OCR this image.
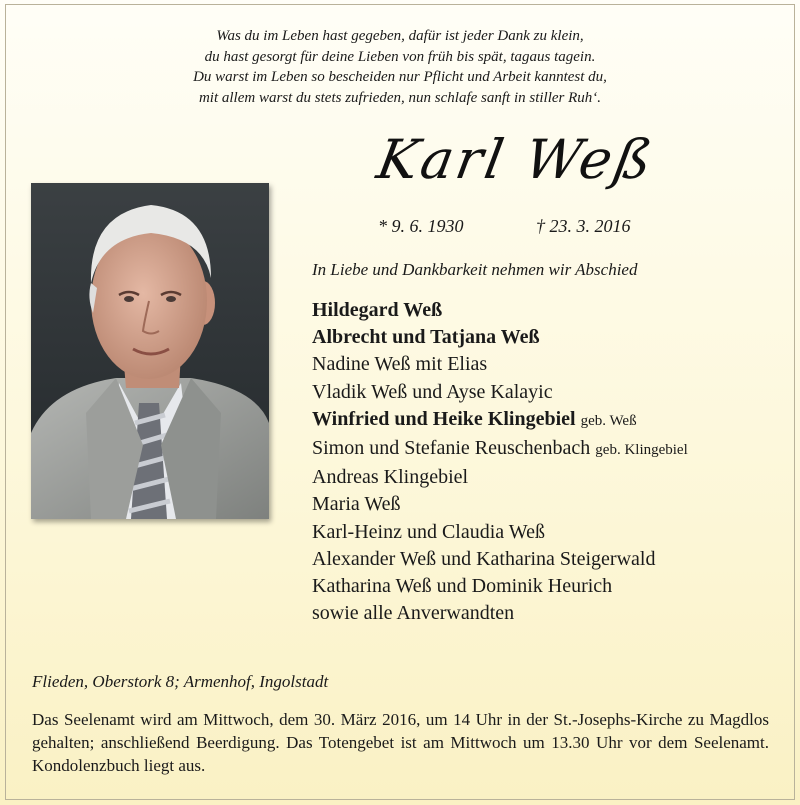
Was du im Leben hast gegeben, dafür ist jeder Dank zu klein,
du hast gesorgt für deine Lieben von früh bis spät, tagaus tagein.
Du warst im Leben so bescheiden nur Pflicht und Arbeit kanntest du,
mit allem warst du stets zufrieden, nun schlafe sanft in stiller Ruh‘.
Karl Weß
* 9. 6. 1930	† 23. 3. 2016
In Liebe und Dankbarkeit nehmen wir Abschied
Hildegard Weß
Albrecht und Tatjana Weß
Nadine Weß mit Elias
Vladik Weß und Ayse Kalayic
Winfried und Heike Klingebiel geb. Weß
Simon und Stefanie Reuschenbach geb. Klingebiel
Andreas Klingebiel
Maria Weß
Karl-Heinz und Claudia Weß
Alexander Weß und Katharina Steigerwald
Katharina Weß und Dominik Heurich
sowie alle Anverwandten
Flieden, Oberstork 8; Armenhof, Ingolstadt
Das Seelenamt wird am Mittwoch, dem 30. März 2016, um 14 Uhr in der St.-Josephs-Kirche zu Magdlos gehalten; anschließend Beerdigung. Das Totengebet ist am Mittwoch um 13.30 Uhr vor dem Seelenamt. Kondolenzbuch liegt aus.
